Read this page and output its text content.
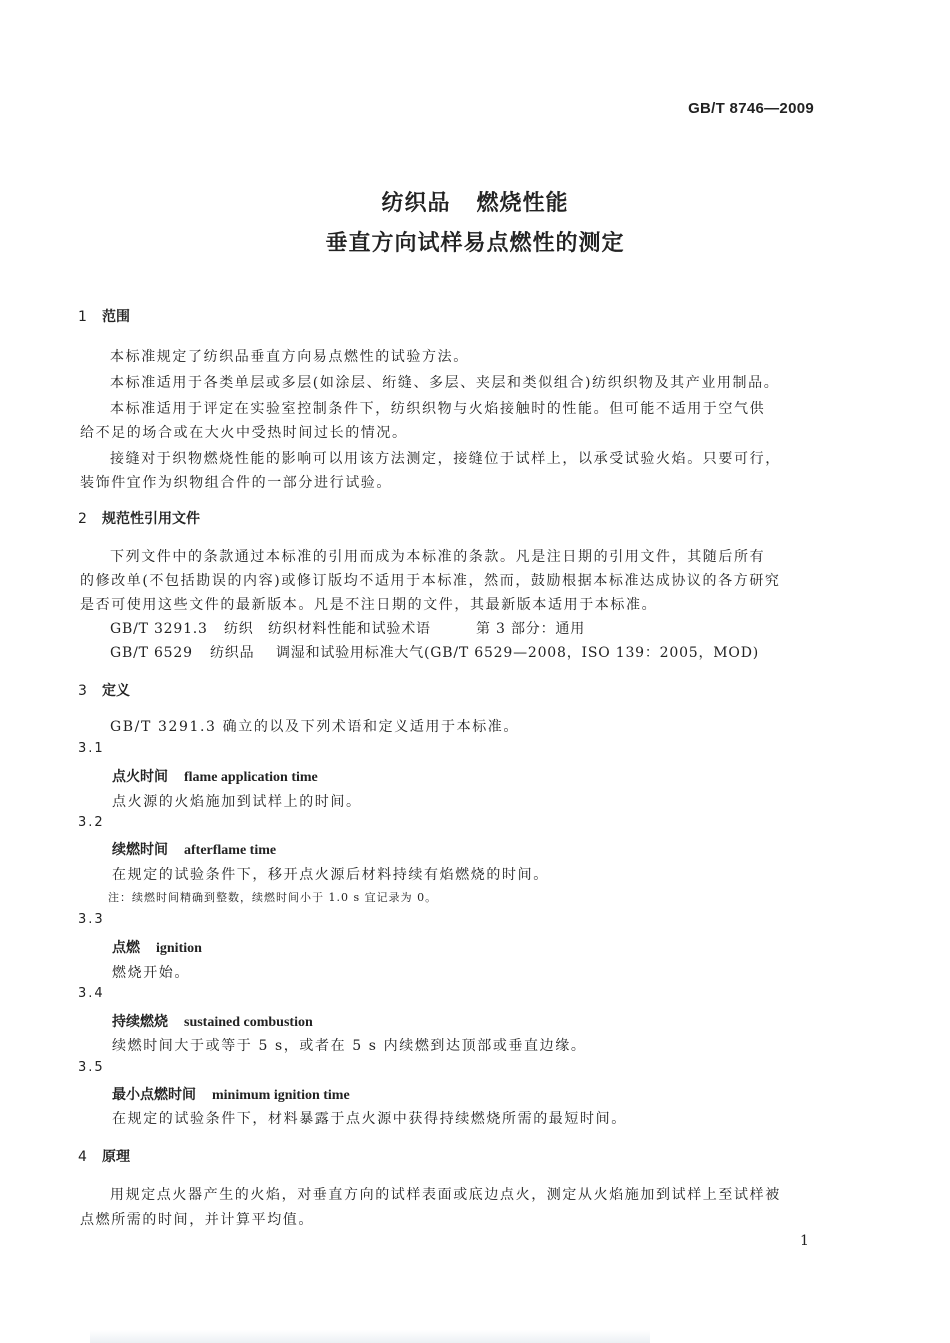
GB/T 8746—2009
纺织品 燃烧性能
垂直方向试样易点燃性的测定
1 范围
本标准规定了纺织品垂直方向易点燃性的试验方法。
本标准适用于各类单层或多层(如涂层、绗缝、多层、夹层和类似组合)纺织织物及其产业用制品。
本标准适用于评定在实验室控制条件下，纺织织物与火焰接触时的性能。但可能不适用于空气供
给不足的场合或在大火中受热时间过长的情况。
接缝对于织物燃烧性能的影响可以用该方法测定，接缝位于试样上，以承受试验火焰。只要可行，
装饰件宜作为织物组合件的一部分进行试验。
2 规范性引用文件
下列文件中的条款通过本标准的引用而成为本标准的条款。凡是注日期的引用文件，其随后所有
的修改单(不包括勘误的内容)或修订版均不适用于本标准，然而，鼓励根据本标准达成协议的各方研究
是否可使用这些文件的最新版本。凡是不注日期的文件，其最新版本适用于本标准。
GB/T 3291.3 纺织 纺织材料性能和试验术语	第 3 部分：通用
GB/T 6529 纺织品 调湿和试验用标准大气(GB/T 6529—2008，ISO 139：2005，MOD)
3 定义
GB/T 3291.3 确立的以及下列术语和定义适用于本标准。
3.1
点火时间 flame application time
点火源的火焰施加到试样上的时间。
3.2
续燃时间 afterflame time
在规定的试验条件下，移开点火源后材料持续有焰燃烧的时间。
注：续燃时间精确到整数，续燃时间小于 1.0 s 宜记录为 0。
3.3
点燃 ignition
燃烧开始。
3.4
持续燃烧 sustained combustion
续燃时间大于或等于 5 s，或者在 5 s 内续燃到达顶部或垂直边缘。
3.5
最小点燃时间 minimum ignition time
在规定的试验条件下，材料暴露于点火源中获得持续燃烧所需的最短时间。
4 原理
用规定点火器产生的火焰，对垂直方向的试样表面或底边点火，测定从火焰施加到试样上至试样被
点燃所需的时间，并计算平均值。
1
